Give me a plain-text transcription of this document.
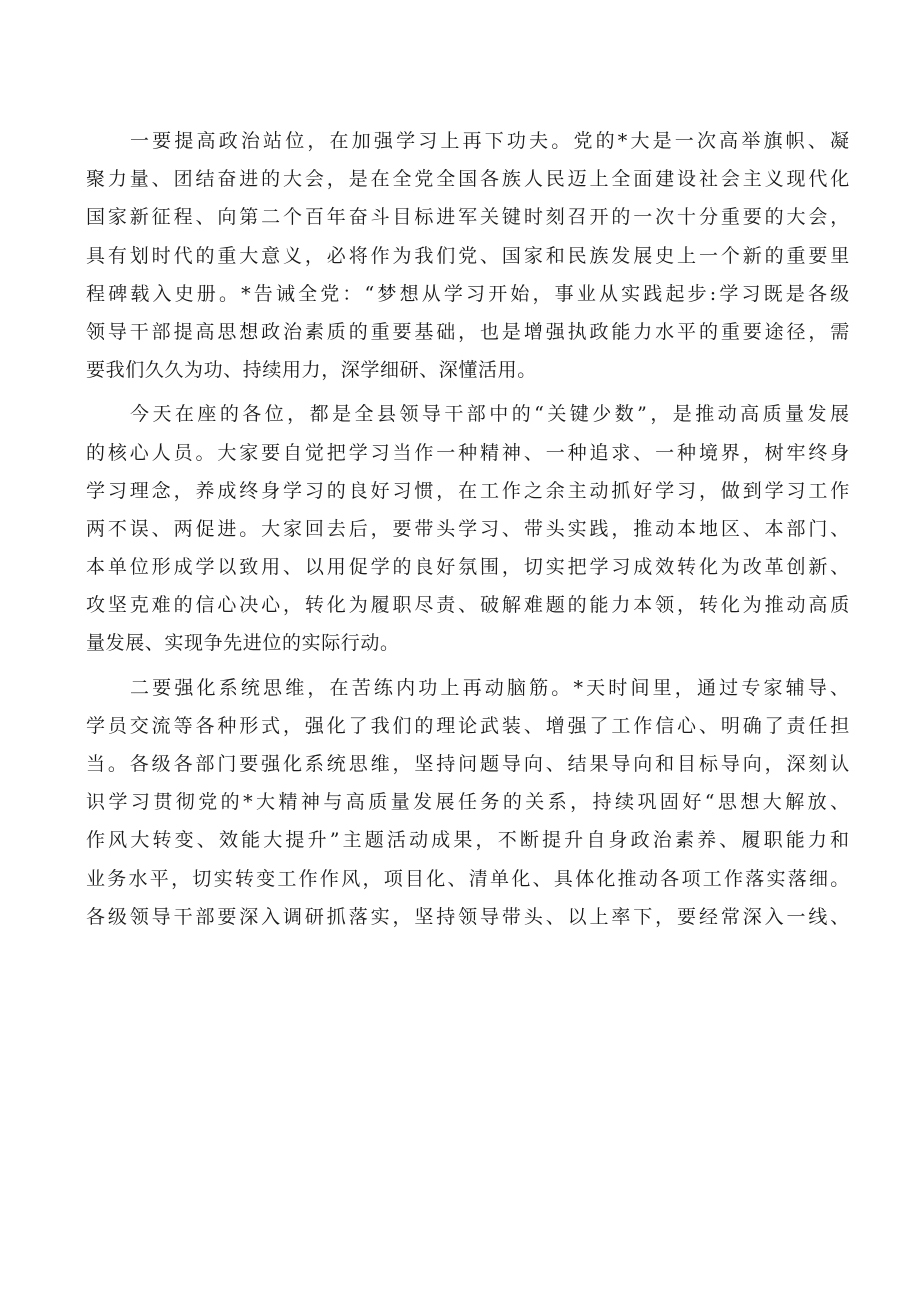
一 要 提 高 政 治 站 位 ， 在 加 强 学 习 上 再 下 功 夫 。 党 的 * 大 是 一 次 高 举 旗 帜 、 凝
聚 力 量 、 团 结 奋 进 的 大 会 ， 是 在 全 党 全 国 各 族 人 民 迈 上 全 面 建 设 社 会 主 义 现 代 化
国 家 新 征 程 、 向 第 二 个 百 年 奋 斗 目 标 进 军 关 键 时 刻 召 开 的 一 次 十 分 重 要 的 大 会 ，
具 有 划 时 代 的 重 大 意 义 ， 必 将 作 为 我 们 党 、 国 家 和 民 族 发 展 史 上 一 个 新 的 重 要 里
程 碑 载 入 史 册 。 * 告 诫 全 党 ： “ 梦 想 从 学 习 开 始 ， 事 业 从 实 践 起 步 : 学 习 既 是 各 级
领 导 干 部 提 高 思 想 政 治 素 质 的 重 要 基 础 ， 也 是 增 强 执 政 能 力 水 平 的 重 要 途 径 ， 需
要我们久久为功、持续用力，深学细研、深懂活用。
今 天 在 座 的 各 位 ， 都 是 全 县 领 导 干 部 中 的 “ 关 键 少 数 ” ， 是 推 动 高 质 量 发 展
的 核 心 人 员 。 大 家 要 自 觉 把 学 习 当 作 一 种 精 神 、 一 种 追 求 、 一 种 境 界 ， 树 牢 终 身
学 习 理 念 ， 养 成 终 身 学 习 的 良 好 习 惯 ， 在 工 作 之 余 主 动 抓 好 学 习 ， 做 到 学 习 工 作
两 不 误 、 两 促 进 。 大 家 回 去 后 ， 要 带 头 学 习 、 带 头 实 践 ， 推 动 本 地 区 、 本 部 门 、
本 单 位 形 成 学 以 致 用 、 以 用 促 学 的 良 好 氛 围 ， 切 实 把 学 习 成 效 转 化 为 改 革 创 新 、
攻 坚 克 难 的 信 心 决 心 ， 转 化 为 履 职 尽 责 、 破 解 难 题 的 能 力 本 领 ， 转 化 为 推 动 高 质
量发展、实现争先进位的实际行动。
二 要 强 化 系 统 思 维 ， 在 苦 练 内 功 上 再 动 脑 筋 。 * 天 时 间 里 ， 通 过 专 家 辅 导 、
学 员 交 流 等 各 种 形 式 ， 强 化 了 我 们 的 理 论 武 装 、 增 强 了 工 作 信 心 、 明 确 了 责 任 担
当 。 各 级 各 部 门 要 强 化 系 统 思 维 ， 坚 持 问 题 导 向 、 结 果 导 向 和 目 标 导 向 ， 深 刻 认
识 学 习 贯 彻 党 的 * 大 精 神 与 高 质 量 发 展 任 务 的 关 系 ， 持 续 巩 固 好 “ 思 想 大 解 放 、
作 风 大 转 变 、 效 能 大 提 升 ” 主 题 活 动 成 果 ， 不 断 提 升 自 身 政 治 素 养 、 履 职 能 力 和
业 务 水 平 ， 切 实 转 变 工 作 作 风 ， 项 目 化 、 清 单 化 、 具 体 化 推 动 各 项 工 作 落 实 落 细 。
各 级 领 导 干 部 要 深 入 调 研 抓 落 实 ， 坚 持 领 导 带 头 、 以 上 率 下 ， 要 经 常 深 入 一 线 、
